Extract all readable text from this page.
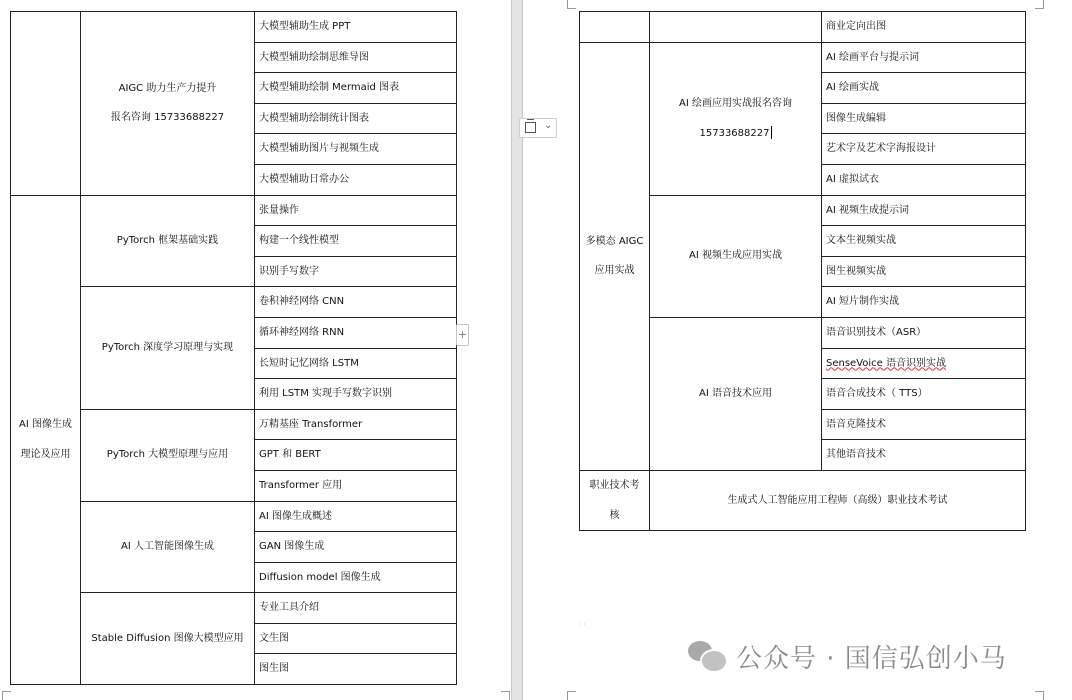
	AIGC 助力生产力提升
报名咨询 15733688227	大模型辅助生成 PPT
		大模型辅助绘制思维导图
		大模型辅助绘制 Mermaid 图表
		大模型辅助绘制统计图表
		大模型辅助图片与视频生成
		大模型辅助日常办公

AI 图像生成
理论及应用	PyTorch 框架基础实践	张量操作
		构建一个线性模型
		识别手写数字
	PyTorch 深度学习原理与实现	卷积神经网络 CNN
		循环神经网络 RNN
		长短时记忆网络 LSTM
		利用 LSTM 实现手写数字识别
	PyTorch 大模型原理与应用	万精基座 Transformer
		GPT 和 BERT
		Transformer 应用
	AI 人工智能图像生成	AI 图像生成概述
		GAN 图像生成
		Diffusion model 图像生成
	Stable Diffusion 图像大模型应用	专业工具介绍
		文生图
		图生图
+
		商业定向出图

多模态 AIGC
应用实战	AI 绘画应用实战报名咨询
15733688227	AI 绘画平台与提示词
		AI 绘画实战
		图像生成编辑
		艺术字及艺术字海报设计
		AI 虚拟试衣
	AI 视频生成应用实战	AI 视频生成提示词
		文本生视频实战
		图生视频实战
		AI 短片制作实战
	AI 语音技术应用	语音识别技术（ASR）
		SenseVoice 语音识别实战
		语音合成技术（ TTS）
		语音克隆技术
		其他语音技术

职业技术考
核	生成式人工智能应用工程师（高级）职业技术考试	
⌄
· ·
公众号 · 国信弘创小马
